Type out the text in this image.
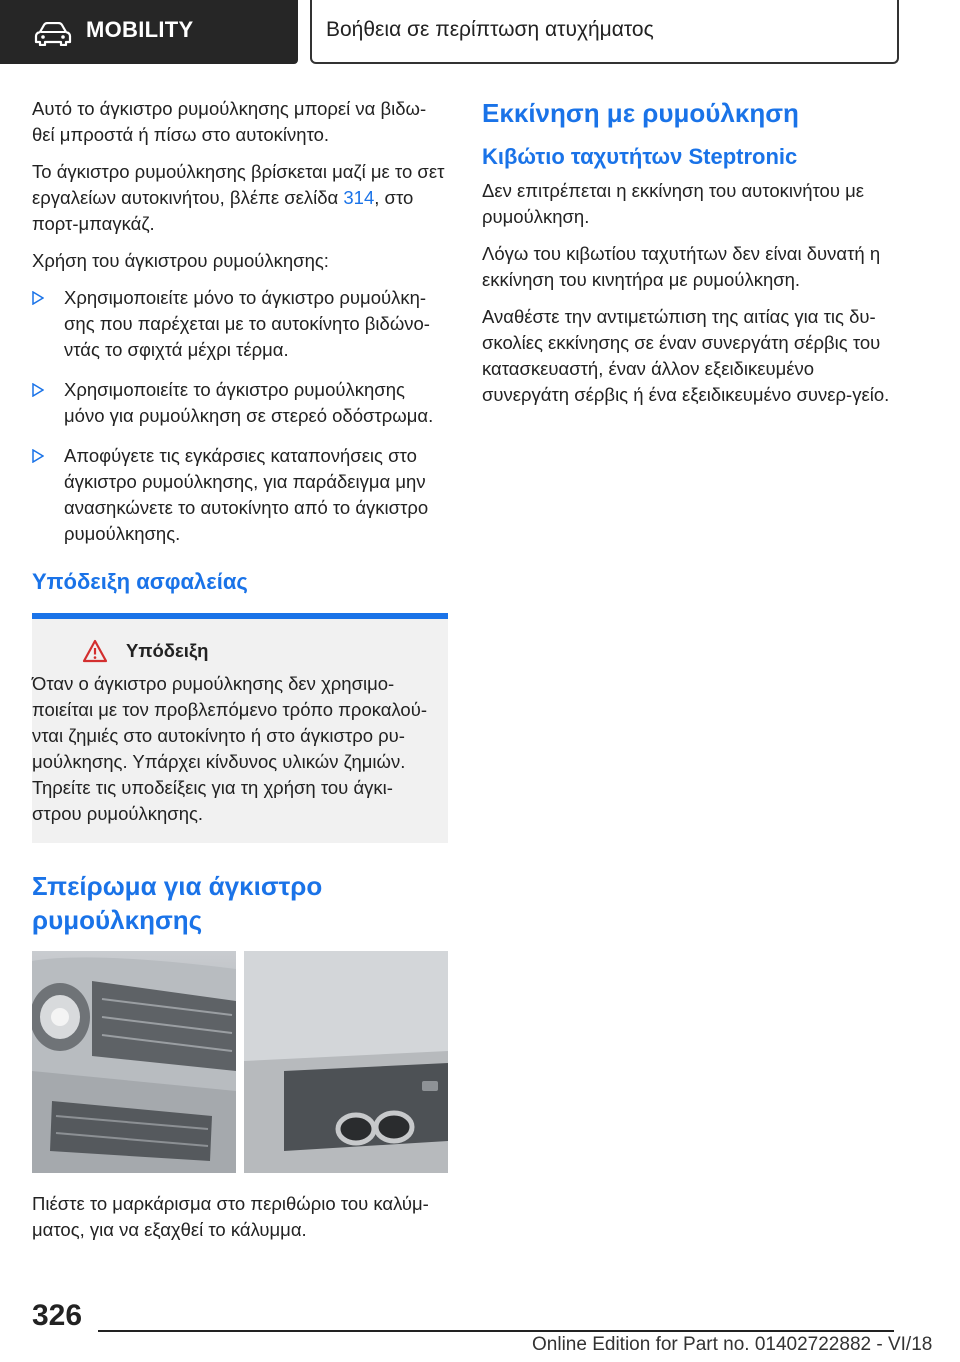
MOBILITY	Βοήθεια σε περίπτωση ατυχήματος

Αυτό το άγκιστρο ρυμούλκησης μπορεί να βιδω-θεί μπροστά ή πίσω στο αυτοκίνητο.

Το άγκιστρο ρυμούλκησης βρίσκεται μαζί με το σετ εργαλείων αυτοκινήτου, βλέπε σελίδα 314, στο πορτ-μπαγκάζ.

Χρήση του άγκιστρου ρυμούλκησης:

Χρησιμοποιείτε μόνο το άγκιστρο ρυμούλκη-σης που παρέχεται με το αυτοκίνητο βιδώνο-ντάς το σφιχτά μέχρι τέρμα.
Χρησιμοποιείτε το άγκιστρο ρυμούλκησης μόνο για ρυμούλκηση σε στερεό οδόστρωμα.
Αποφύγετε τις εγκάρσιες καταπονήσεις στο άγκιστρο ρυμούλκησης, για παράδειγμα μην ανασηκώνετε το αυτοκίνητο από το άγκιστρο ρυμούλκησης.
Υπόδειξη ασφαλείας
Υπόδειξη

Όταν ο άγκιστρο ρυμούλκησης δεν χρησιμο-ποιείται με τον προβλεπόμενο τρόπο προκαλού-νται ζημιές στο αυτοκίνητο ή στο άγκιστρο ρυ-μούλκησης. Υπάρχει κίνδυνος υλικών ζημιών. Τηρείτε τις υποδείξεις για τη χρήση του άγκι-στρου ρυμούλκησης.

Σπείρωμα για άγκιστρο ρυμούλκησης

Πιέστε το μαρκάρισμα στο περιθώριο του καλύμ-ματος, για να εξαχθεί το κάλυμμα.

Εκκίνηση με ρυμούλκηση
Κιβώτιο ταχυτήτων Steptronic

Δεν επιτρέπεται η εκκίνηση του αυτοκινήτου με ρυμούλκηση.

Λόγω του κιβωτίου ταχυτήτων δεν είναι δυνατή η εκκίνηση του κινητήρα με ρυμούλκηση.

Αναθέστε την αντιμετώπιση της αιτίας για τις δυ-σκολίες εκκίνησης σε έναν συνεργάτη σέρβις του κατασκευαστή, έναν άλλον εξειδικευμένο συνεργάτη σέρβις ή ένα εξειδικευμένο συνερ-γείο.

326
Online Edition for Part no. 01402722882 - VI/18
